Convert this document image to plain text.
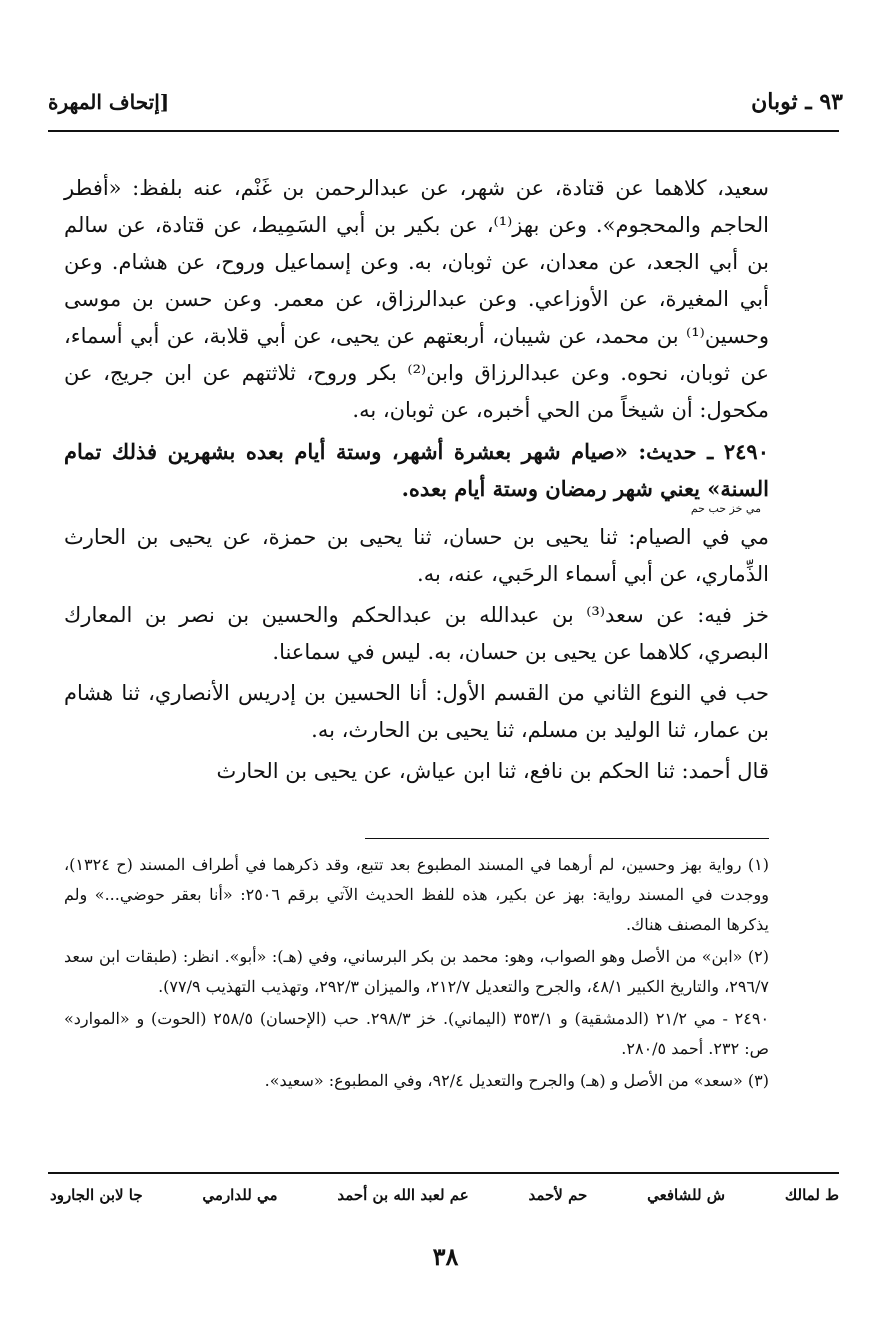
٩٣ ـ ثوبان
[إتحاف المهرة

سعيد، كلاهما عن قتادة، عن شهر، عن عبدالرحمن بن غَنْم، عنه بلفظ: «أفطر الحاجم والمحجوم». وعن بهز⁽¹⁾، عن بكير بن أبي السَمِيط، عن قتادة، عن سالم بن أبي الجعد، عن معدان، عن ثوبان، به. وعن إسماعيل وروح، عن هشام. وعن أبي المغيرة، عن الأوزاعي. وعن عبدالرزاق، عن معمر. وعن حسن بن موسى وحسين⁽¹⁾ بن محمد، عن شيبان، أربعتهم عن يحيى، عن أبي قلابة، عن أبي أسماء، عن ثوبان، نحوه. وعن عبدالرزاق وابن⁽²⁾ بكر وروح، ثلاثتهم عن ابن جريج، عن مكحول: أن شيخاً من الحي أخبره، عن ثوبان، به.

٢٤٩٠ ـ حديث: «صيام شهر بعشرة أشهر، وستة أيام بعده بشهرين فذلك تمام السنة» يعني شهر رمضان وستة أيام بعده.
مي خز حب حم

مي في الصيام: ثنا يحيى بن حسان، ثنا يحيى بن حمزة، عن يحيى بن الحارث الذِّماري، عن أبي أسماء الرحَبي، عنه، به.

خز فيه: عن سعد⁽³⁾ بن عبدالله بن عبدالحكم والحسين بن نصر بن المعارك البصري، كلاهما عن يحيى بن حسان، به. ليس في سماعنا.

حب في النوع الثاني من القسم الأول: أنا الحسين بن إدريس الأنصاري، ثنا هشام بن عمار، ثنا الوليد بن مسلم، ثنا يحيى بن الحارث، به.

قال أحمد: ثنا الحكم بن نافع، ثنا ابن عياش، عن يحيى بن الحارث

(١) رواية بهز وحسين، لم أرهما في المسند المطبوع بعد تتبع، وقد ذكرهما في أطراف المسند (ح ١٣٢٤)، ووجدت في المسند رواية: بهز عن بكير، هذه للفظ الحديث الآتي برقم ٢٥٠٦: «أنا بعقر حوضي...» ولم يذكرها المصنف هناك.

(٢) «ابن» من الأصل وهو الصواب، وهو: محمد بن بكر البرساني، وفي (هـ): «أبو». انظر: (طبقات ابن سعد ٢٩٦/٧، والتاريخ الكبير ٤٨/١، والجرح والتعديل ٢١٢/٧، والميزان ٢٩٢/٣، وتهذيب التهذيب ٧٧/٩).

٢٤٩٠ - مي ٢١/٢ (الدمشقية) و ٣٥٣/١ (اليماني). خز ٢٩٨/٣. حب (الإحسان) ٢٥٨/٥ (الحوت) و «الموارد» ص: ٢٣٢. أحمد ٢٨٠/٥.

(٣) «سعد» من الأصل و (هـ) والجرح والتعديل ٩٢/٤، وفي المطبوع: «سعيد».

ط لمالك
ش للشافعي
حم لأحمد
عم لعبد الله بن أحمد
مي للدارمي
جا لابن الجارود
٣٨
